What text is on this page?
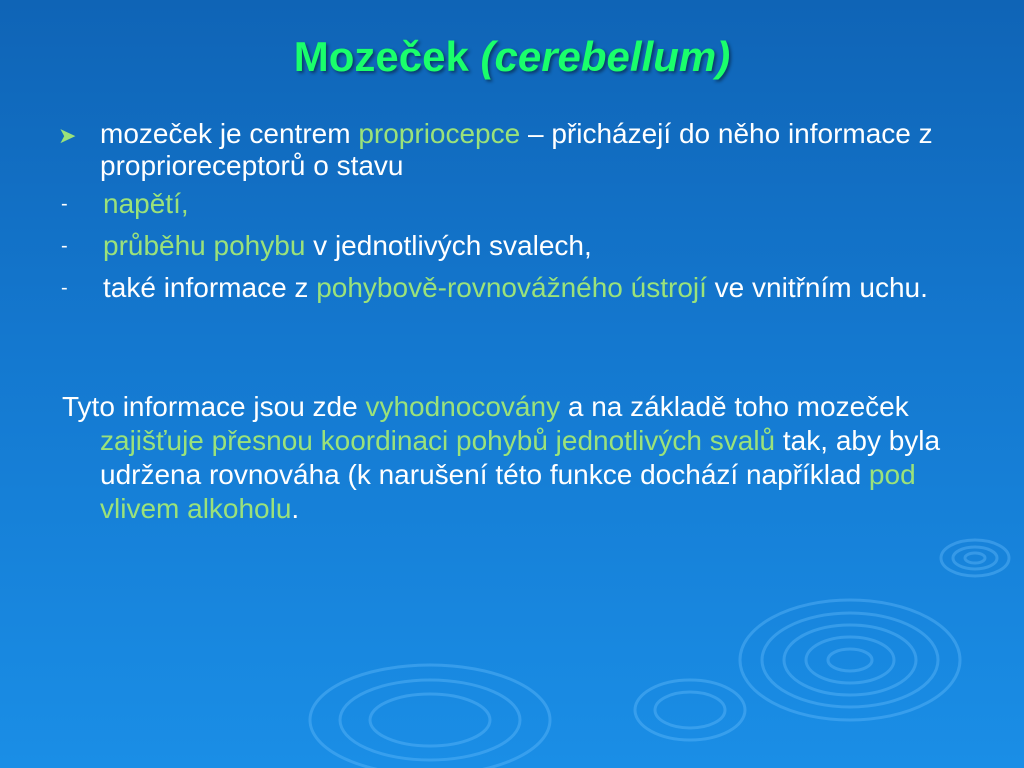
Mozeček (cerebellum)
➤ mozeček je centrem propriocepce – přicházejí do něho informace z proprioreceptorů o stavu
-	napětí,
-	průběhu pohybu v jednotlivých svalech,
-	také informace z pohybově-rovnovážného ústrojí ve vnitřním uchu.
Tyto informace jsou zde vyhodnocovány a na základě toho mozeček zajišťuje přesnou koordinaci pohybů jednotlivých svalů tak, aby byla udržena rovnováha (k narušení této funkce dochází například pod vlivem alkoholu.
